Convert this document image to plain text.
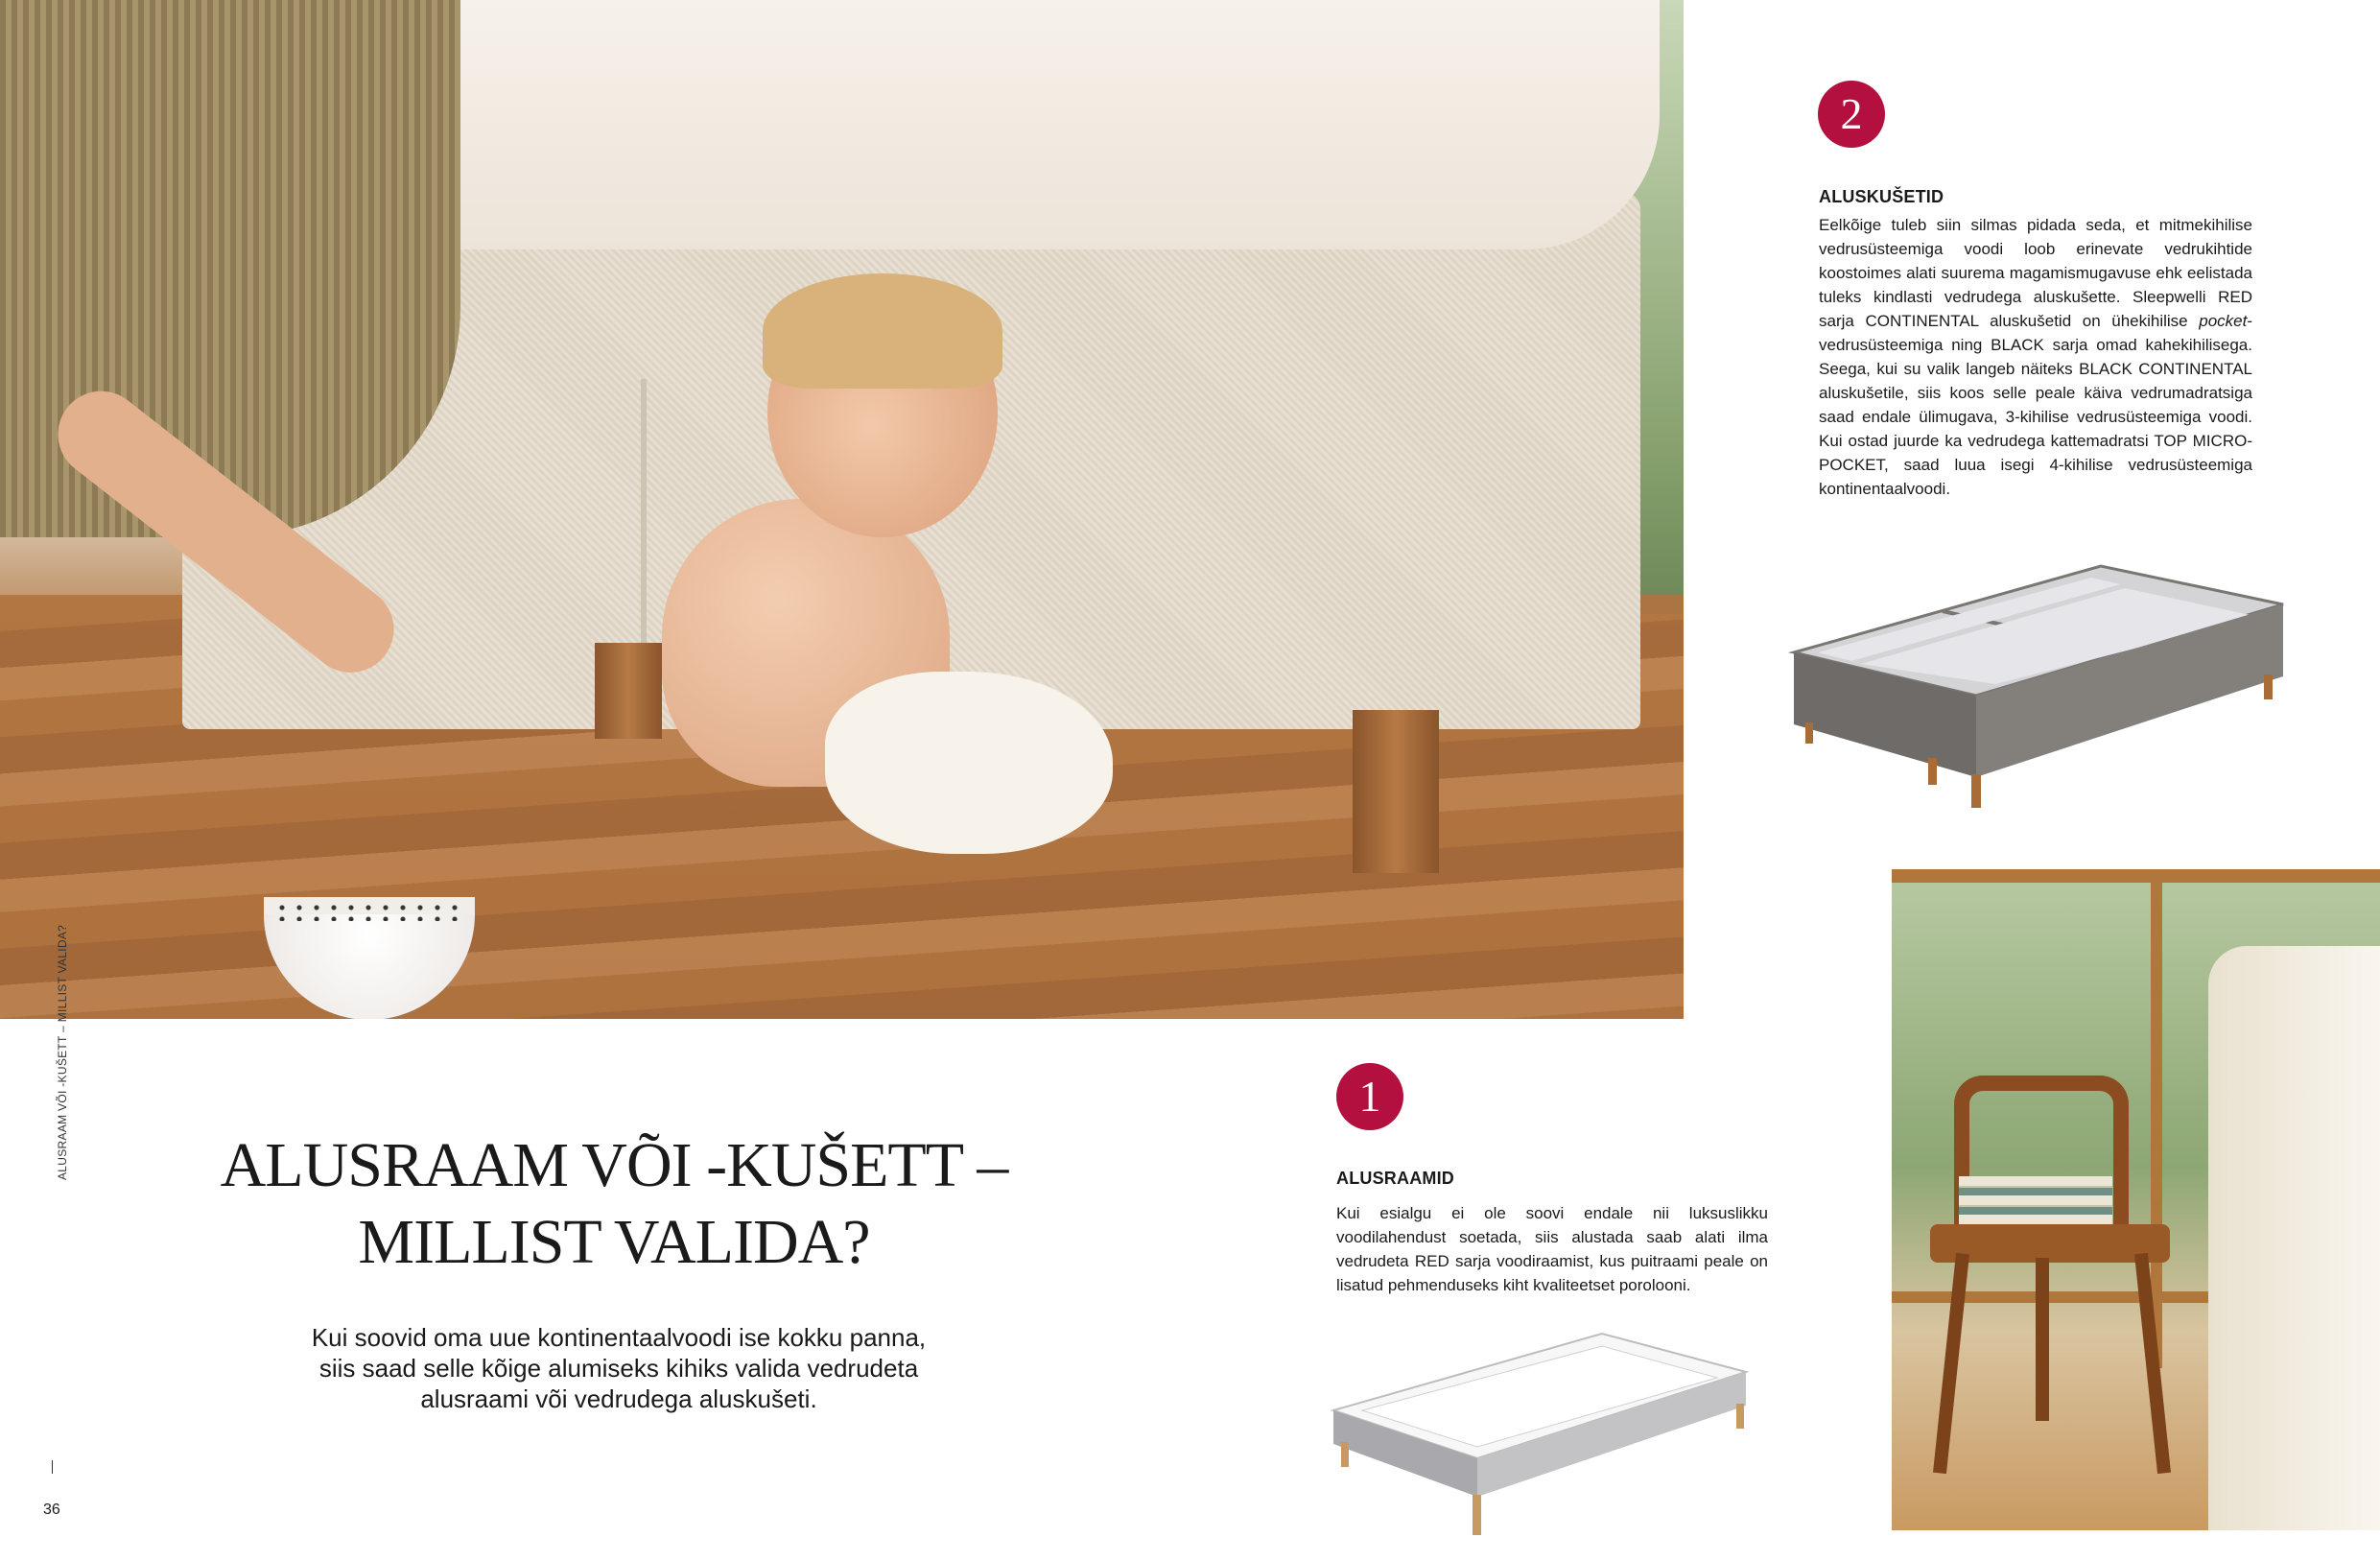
ALUSRAAM VÕI -KUŠETT – MILLIST VALIDA?
36
ALUSRAAM VÕI -KUŠETT –
MILLIST VALIDA?

Kui soovid oma uue kontinentaalvoodi ise kokku panna, siis saad selle kõige alumiseks kihiks valida vedrudeta alusraami või vedrudega aluskušeti.

1
ALUSRAAMID

Kui esialgu ei ole soovi endale nii luksuslikku voodilahendust soetada, siis alustada saab alati ilma vedrudeta RED sarja voodiraamist, kus puitraami peale on lisatud pehmenduseks kiht kvaliteetset porolooni.

2
ALUSKUŠETID

Eelkõige tuleb siin silmas pidada seda, et mitmekihilise vedrusüsteemiga voodi loob erinevate vedrukihtide koostoimes alati suurema magamismugavuse ehk eelistada tuleks kindlasti vedrudega aluskušette. Sleepwelli RED sarja CONTINENTAL aluskušetid on ühekihilise pocket-vedrusüsteemiga ning BLACK sarja omad kahekihilisega. Seega, kui su valik langeb näiteks BLACK CONTINENTAL aluskušetile, siis koos selle peale käiva vedrumadratsiga saad endale ülimugava, 3-kihilise vedrusüsteemiga voodi. Kui ostad juurde ka vedrudega kattemadratsi TOP MICRO-POCKET, saad luua isegi 4-kihilise vedrusüsteemiga kontinentaalvoodi.
